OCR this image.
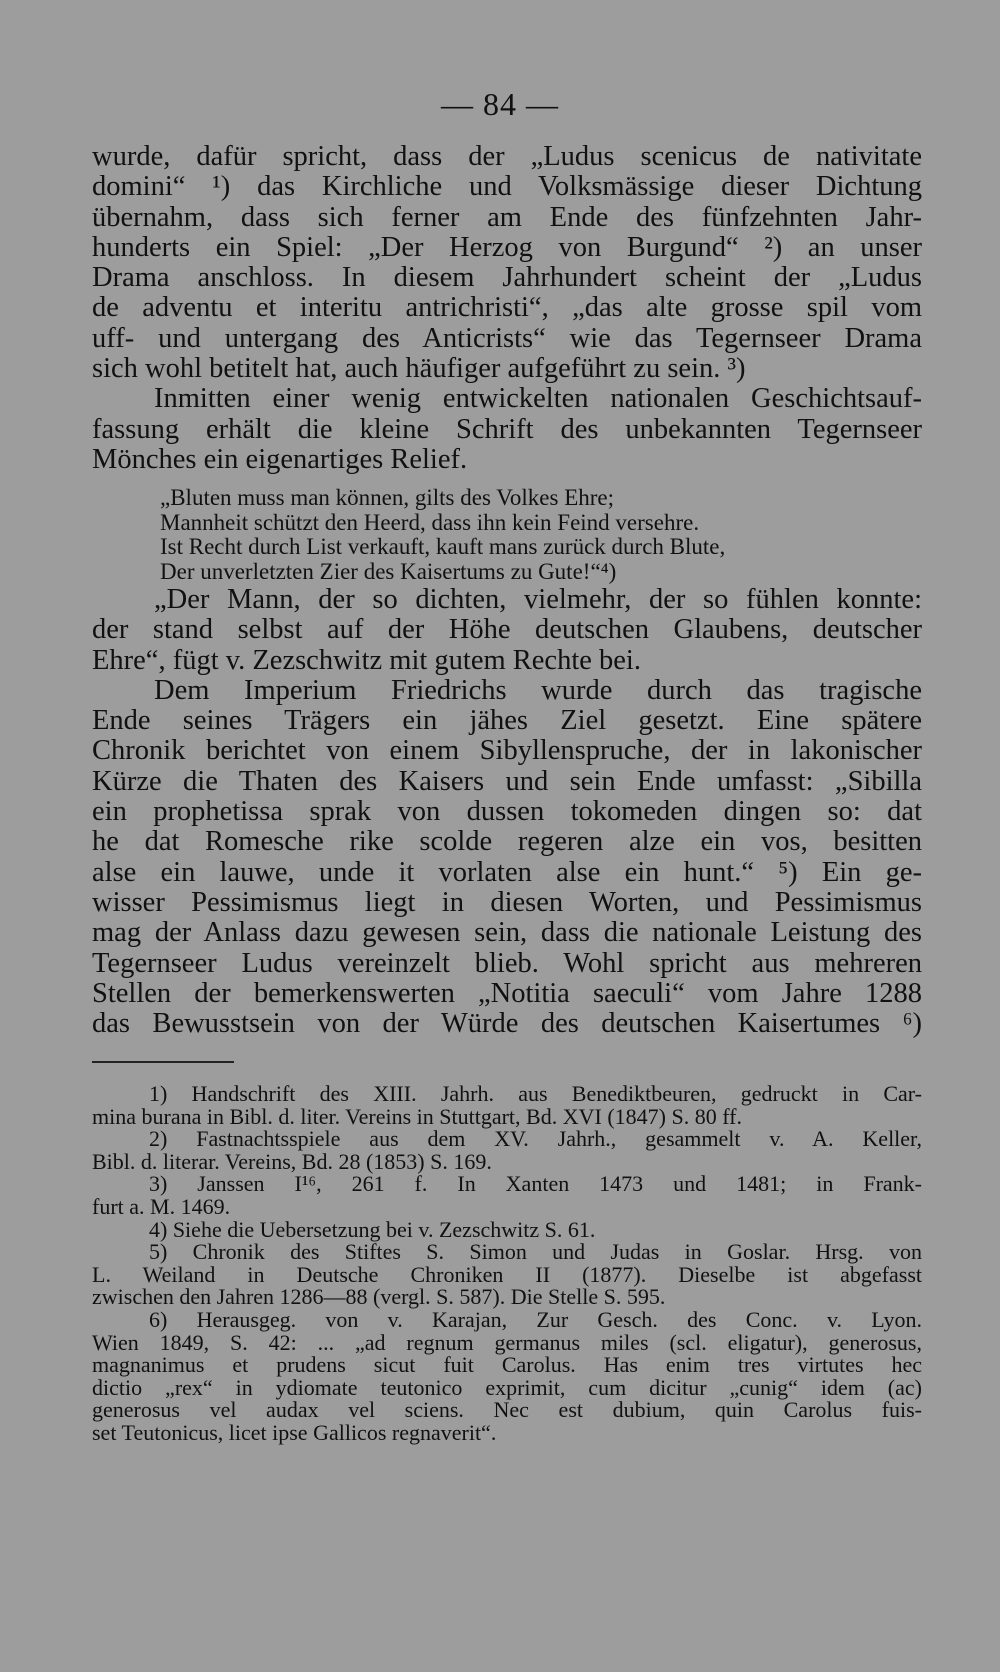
— 84 —
wurde, dafür spricht, dass der „Ludus scenicus de nativitate
domini“ ¹) das Kirchliche und Volksmässige dieser Dichtung
übernahm, dass sich ferner am Ende des fünfzehnten Jahr-
hunderts ein Spiel: „Der Herzog von Burgund“ ²) an unser
Drama anschloss. In diesem Jahrhundert scheint der „Ludus
de adventu et interitu antrichristi“, „das alte grosse spil vom
uff- und untergang des Anticrists“ wie das Tegernseer Drama
sich wohl betitelt hat, auch häufiger aufgeführt zu sein. ³)
Inmitten einer wenig entwickelten nationalen Geschichtsauf-
fassung erhält die kleine Schrift des unbekannten Tegernseer
Mönches ein eigenartiges Relief.
„Bluten muss man können, gilts des Volkes Ehre;
Mannheit schützt den Heerd, dass ihn kein Feind versehre.
Ist Recht durch List verkauft, kauft mans zurück durch Blute,
Der unverletzten Zier des Kaisertums zu Gute!“⁴)
„Der Mann, der so dichten, vielmehr, der so fühlen konnte:
der stand selbst auf der Höhe deutschen Glaubens, deutscher
Ehre“, fügt v. Zezschwitz mit gutem Rechte bei.
Dem Imperium Friedrichs wurde durch das tragische
Ende seines Trägers ein jähes Ziel gesetzt. Eine spätere
Chronik berichtet von einem Sibyllenspruche, der in lakonischer
Kürze die Thaten des Kaisers und sein Ende umfasst: „Sibilla
ein prophetissa sprak von dussen tokomeden dingen so: dat
he dat Romesche rike scolde regeren alze ein vos, besitten
alse ein lauwe, unde it vorlaten alse ein hunt.“ ⁵) Ein ge-
wisser Pessimismus liegt in diesen Worten, und Pessimismus
mag der Anlass dazu gewesen sein, dass die nationale Leistung des
Tegernseer Ludus vereinzelt blieb. Wohl spricht aus mehreren
Stellen der bemerkenswerten „Notitia saeculi“ vom Jahre 1288
das Bewusstsein von der Würde des deutschen Kaisertumes ⁶)
1) Handschrift des XIII. Jahrh. aus Benediktbeuren, gedruckt in Car-
mina burana in Bibl. d. liter. Vereins in Stuttgart, Bd. XVI (1847) S. 80 ff.
2) Fastnachtsspiele aus dem XV. Jahrh., gesammelt v. A. Keller,
Bibl. d. literar. Vereins, Bd. 28 (1853) S. 169.
3) Janssen I¹⁶, 261 f. In Xanten 1473 und 1481; in Frank-
furt a. M. 1469.
4) Siehe die Uebersetzung bei v. Zezschwitz S. 61.
5) Chronik des Stiftes S. Simon und Judas in Goslar. Hrsg. von
L. Weiland in Deutsche Chroniken II (1877). Dieselbe ist abgefasst
zwischen den Jahren 1286—88 (vergl. S. 587). Die Stelle S. 595.
6) Herausgeg. von v. Karajan, Zur Gesch. des Conc. v. Lyon.
Wien 1849, S. 42: ... „ad regnum germanus miles (scl. eligatur), generosus,
magnanimus et prudens sicut fuit Carolus. Has enim tres virtutes hec
dictio „rex“ in ydiomate teutonico exprimit, cum dicitur „cunig“ idem (ac)
generosus vel audax vel sciens. Nec est dubium, quin Carolus fuis-
set Teutonicus, licet ipse Gallicos regnaverit“.
